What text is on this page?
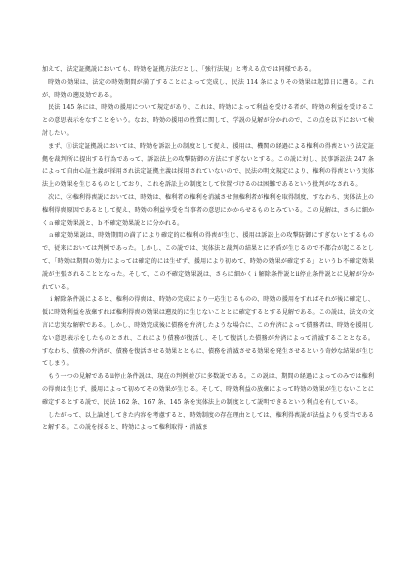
加えて、法定証拠説においても、時効を証拠方法だとし、「強行法規」と考える点では同様である。

時効の効果は、法定の時効期間が満了することによって完成し、民法 114 条によりその効果は起算日に遡る。これが、時効の遡及効である。

民法 145 条には、時効の援用について規定があり、これは、時効によって利益を受ける者が、時効の利益を受けることの意思表示をなすことをいう。なお、時効の援用の性質に関して、学説の見解が分かれので、この点を以下において検討したい。

まず、①法定証拠説においては、時効を訴訟上の制度として捉え、援用は、機関の経過による権利の得喪という法定証拠を裁判所に提出する行為であって、訴訟法上の攻撃防御の方法にすぎないとする。この説に対し、民事訴訟法 247 条によって自由心証主義が採用され法定証拠主義は採用されていないので、民法の明文規定により、権利の得喪という実体法上の効果を生じるものとしており、これを訴訟上の制度として位置づけるのは困難であるという批判がなされる。

次に、②権利得喪説においては、時効は、権利者の権利を消滅させ無権利者が権利を取得制度、すなわち、実体法上の権利得喪原因であるとして捉え、時効の利益享受を当事者の意思にかからせるものとみている。この見解は、さらに細かくａ確定効果説と、ｂ不確定効果説とに分かれる。

ａ確定効果説は、時効期間の満了により確定的に権利の得喪が生じ、援用は訴訟上の攻撃防御にすぎないとするもので、従来においては判例であった。しかし、この説では、実体法と裁判の結果とに矛盾が生じるので不都合が起こるとして、「時効は期間の効力によっては確定的には生ぜず、援用により初めて、時効の効果が確定する」というｂ不確定効果説が主張されることとなった。そして、この不確定効果説は、さらに細かくｉ解除条件説とⅱ停止条件説とに見解が分かれている。

ｉ解除条件説によると、権利の得喪は、時効の完成により一応生じるものの、時効の援用をすればそれが後に確定し、仮に時効利益を放棄すれば権利得喪の効果は遡及的に生じないこととに確定するとする見解である。この説は、法文の文言に忠実な解釈である。しかし、時効完成後に債務を弁済したような場合に、この弁済によって債務者は、時効を援用しない意思表示をしたものとされ、これにより債務が復活し、そして復活した債務が弁済によって消滅することとなる。すなわち、債務の弁済が、債務を復活させる効果とともに、債務を消滅させる効果を発生させるという奇妙な結果が生じてしまう。

もう一つの見解であるⅱ停止条件説は、現在の判例並びに多数説である。この説は、期間の経過によってのみでは権利の得喪は生じず、援用によって初めてその効果が生じる。そして、時効利益の放棄によって時効の効果が生じないことに確定するとする説で、民法 162 条、167 条、145 条を実体法上の制度として説明できるという利点を有している。

したがって、以上論述してきた内容を考慮すると、時効制度の存在理由としては、権利得喪説が法益よりも妥当であると解する。この説を採ると、時効によって権利取得・消滅ま
